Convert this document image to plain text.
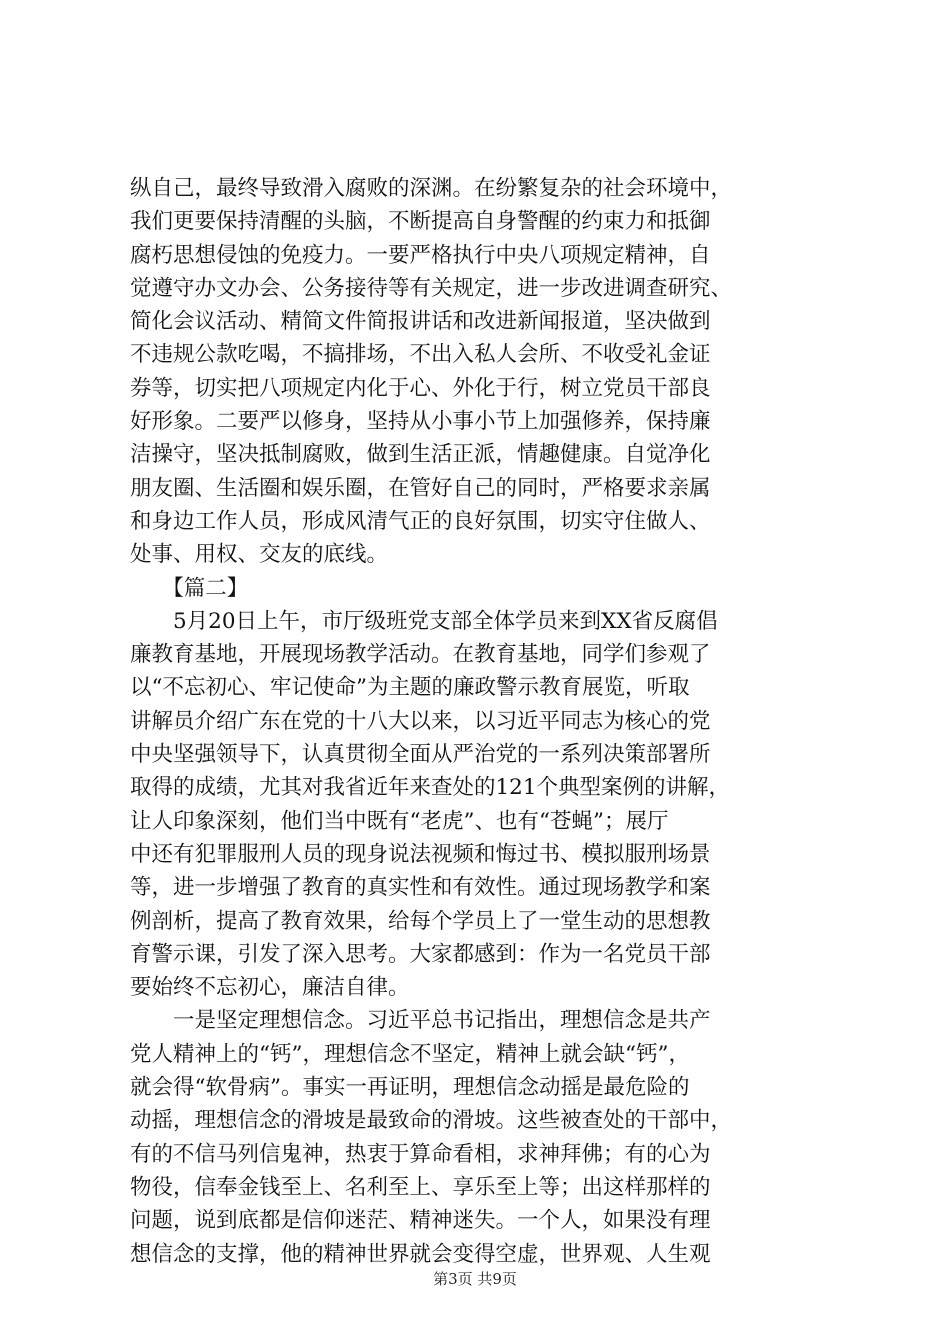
纵自己，最终导致滑入腐败的深渊。在纷繁复杂的社会环境中，
我们更要保持清醒的头脑，不断提高自身警醒的约束力和抵御
腐朽思想侵蚀的免疫力。一要严格执行中央八项规定精神，自
觉遵守办文办会、公务接待等有关规定，进一步改进调查研究、
简化会议活动、精简文件简报讲话和改进新闻报道，坚决做到
不违规公款吃喝，不搞排场，不出入私人会所、不收受礼金证
券等，切实把八项规定内化于心、外化于行，树立党员干部良
好形象。二要严以修身，坚持从小事小节上加强修养，保持廉
洁操守，坚决抵制腐败，做到生活正派，情趣健康。自觉净化
朋友圈、生活圈和娱乐圈，在管好自己的同时，严格要求亲属
和身边工作人员，形成风清气正的良好氛围，切实守住做人、
处事、用权、交友的底线。
　　【篇二】
　　5月20日上午，市厅级班党支部全体学员来到XX省反腐倡
廉教育基地，开展现场教学活动。在教育基地，同学们参观了
以“不忘初心、牢记使命”为主题的廉政警示教育展览，听取
讲解员介绍广东在党的十八大以来，以习近平同志为核心的党
中央坚强领导下，认真贯彻全面从严治党的一系列决策部署所
取得的成绩，尤其对我省近年来查处的121个典型案例的讲解，
让人印象深刻，他们当中既有“老虎”、也有“苍蝇”；展厅
中还有犯罪服刑人员的现身说法视频和悔过书、模拟服刑场景
等，进一步增强了教育的真实性和有效性。通过现场教学和案
例剖析，提高了教育效果，给每个学员上了一堂生动的思想教
育警示课，引发了深入思考。大家都感到：作为一名党员干部
要始终不忘初心，廉洁自律。
　　一是坚定理想信念。习近平总书记指出，理想信念是共产
党人精神上的“钙”，理想信念不坚定，精神上就会缺“钙”，
就会得“软骨病”。事实一再证明，理想信念动摇是最危险的
动摇，理想信念的滑坡是最致命的滑坡。这些被查处的干部中，
有的不信马列信鬼神，热衷于算命看相，求神拜佛；有的心为
物役，信奉金钱至上、名利至上、享乐至上等；出这样那样的
问题，说到底都是信仰迷茫、精神迷失。一个人，如果没有理
想信念的支撑，他的精神世界就会变得空虚，世界观、人生观
第3页 共9页
